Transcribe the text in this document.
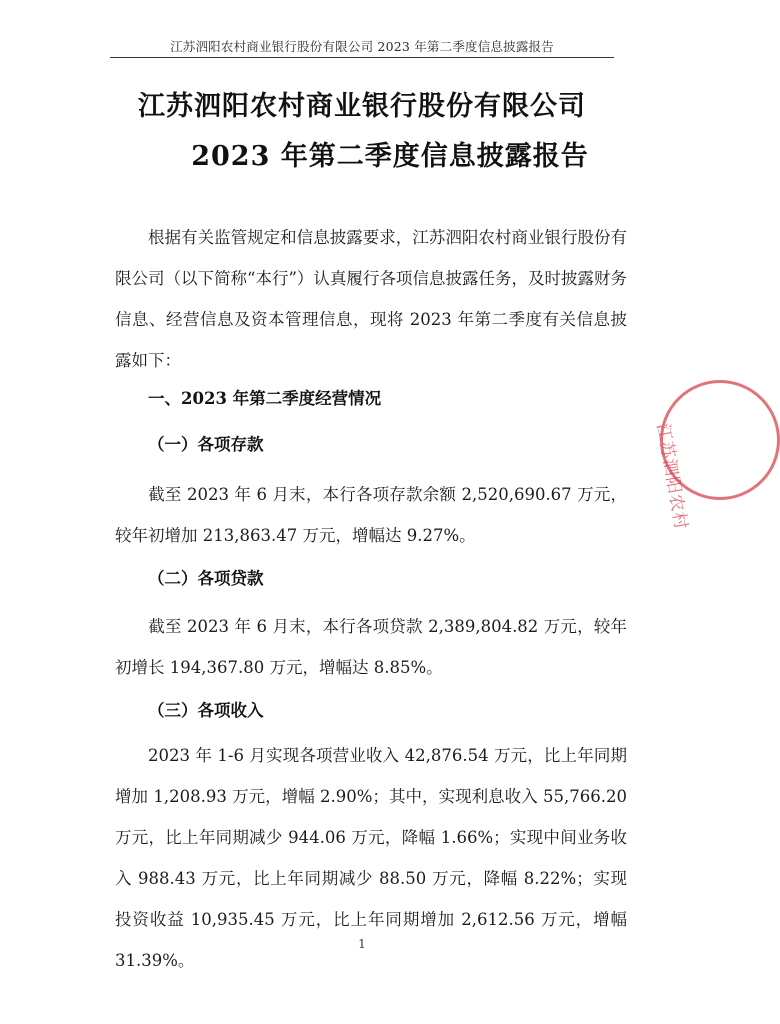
江苏泗阳农村商业银行股份有限公司 2023 年第二季度信息披露报告
江苏泗阳农村商业银行股份有限公司
2023 年第二季度信息披露报告
根据有关监管规定和信息披露要求，江苏泗阳农村商业银行股份有限公司（以下简称“本行”）认真履行各项信息披露任务，及时披露财务信息、经营信息及资本管理信息，现将 2023 年第二季度有关信息披露如下：
一、2023 年第二季度经营情况
（一）各项存款
截至 2023 年 6 月末，本行各项存款余额 2,520,690.67 万元，较年初增加 213,863.47 万元，增幅达 9.27%。
（二）各项贷款
截至 2023 年 6 月末，本行各项贷款 2,389,804.82 万元，较年初增长 194,367.80 万元，增幅达 8.85%。
（三）各项收入
2023 年 1-6 月实现各项营业收入 42,876.54 万元，比上年同期增加 1,208.93 万元，增幅 2.90%；其中，实现利息收入 55,766.20 万元，比上年同期减少 944.06 万元，降幅 1.66%；实现中间业务收入 988.43 万元，比上年同期减少 88.50 万元，降幅 8.22%；实现投资收益 10,935.45 万元，比上年同期增加 2,612.56 万元，增幅 31.39%。
1
江苏泗阳农村
